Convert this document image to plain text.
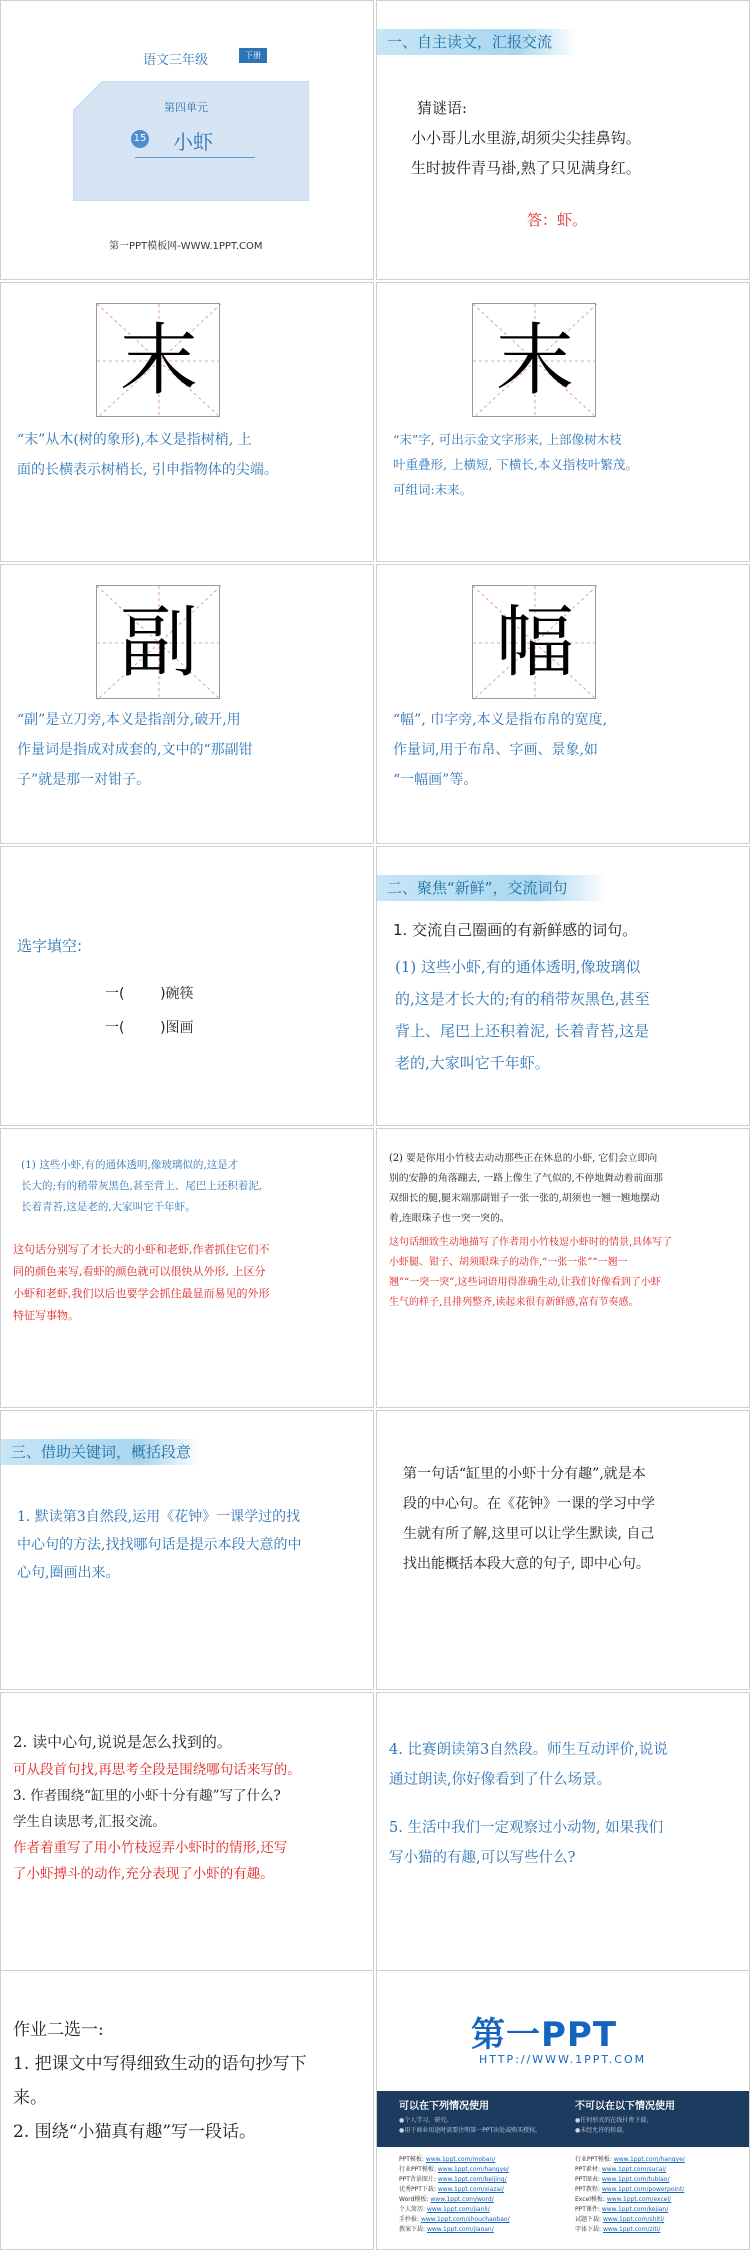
语文三年级	下册
第四单元
15 小虾
第一PPT模板网-WWW.1PPT.COM
一、自主读文，汇报交流
猜谜语:
小小哥儿水里游,胡须尖尖挂鼻钩。
生时披件青马褂,熟了只见满身红。
答：虾。
末
“末”从木(树的象形),本义是指树梢, 上
面的长横表示树梢长, 引申指物体的尖端。
末
“末”字, 可出示金文字形来, 上部像树木枝
叶重叠形, 上横短, 下横长,本义指枝叶繁茂。
可组词:末来。
副
“副”是立刀旁,本义是指剖分,破开,用
作量词是指成对成套的,文中的“那副钳
子”就是那一对钳子。
幅
“幅”, 巾字旁,本义是指布帛的宽度,
作量词,用于布帛、字画、景象,如
“一幅画”等。
选字填空:
一(        )碗筷
一(        )图画
二、聚焦“新鲜”，交流词句
1. 交流自己圈画的有新鲜感的词句。
(1) 这些小虾,有的通体透明,像玻璃似
的,这是才长大的;有的稍带灰黑色,甚至
背上、尾巴上还积着泥, 长着青苔,这是
老的,大家叫它千年虾。
(1) 这些小虾,有的通体透明,像玻璃似的,这是才
长大的;有的稍带灰黑色,甚至背上、尾巴上还积着泥,
长着青苔,这是老的,大家叫它千年虾。
这句话分别写了才长大的小虾和老虾,作者抓住它们不
同的颜色来写,看虾的颜色就可以很快从外形, 上区分
小虾和老虾,我们以后也要学会抓住最显而易见的外形
特征写事物。
(2) 要是你用小竹枝去动动那些正在休息的小虾, 它们会立即向
别的安静的角落蹦去, 一路上像生了气似的,不停地舞动着前面那
双细长的腿,腿末端那副钳子一张一张的,胡须也一翘一翘地摆动
着,连眼珠子也一突一突的。
这句话细致生动地描写了作者用小竹枝逗小虾时的情景,具体写了
小虾腿、钳子、胡须眼珠子的动作,“一张一张”“一翘一
翘”“一突一突”,这些词语用得准确生动,让我们好像看到了小虾
生气的样子,且排列整齐,读起来很有新鲜感,富有节奏感。
三、借助关键词，概括段意
1. 默读第3自然段,运用《花钟》一课学过的找
中心句的方法,找找哪句话是提示本段大意的中
心句,圈画出来。
第一句话“缸里的小虾十分有趣”,就是本
段的中心句。在《花钟》一课的学习中学
生就有所了解,这里可以让学生默读, 自己
找出能概括本段大意的句子, 即中心句。
2. 读中心句,说说是怎么找到的。
可从段首句找,再思考全段是围绕哪句话来写的。
3. 作者围绕“缸里的小虾十分有趣”写了什么?
学生自读思考,汇报交流。
作者着重写了用小竹枝逗弄小虾时的情形,还写
了小虾搏斗的动作,充分表现了小虾的有趣。
4. 比赛朗读第3自然段。师生互动评价,说说
通过朗读,你好像看到了什么场景。
5. 生活中我们一定观察过小动物, 如果我们
写小猫的有趣,可以写些什么?
作业二选一:
1. 把课文中写得细致生动的语句抄写下
来。
2. 围绕“小猫真有趣”写一段话。
第一PPT
HTTP://WWW.1PPT.COM
可以在下列情况使用
●个人学习、研究。
●用于商业用途时需要注明第一PPT出处或购买授权。
不可以在以下情况使用
●任何形式的在线付费下载。
●未经允许的转载。
PPT模板: www.1ppt.com/moban/
行业PPT模板: www.1ppt.com/hangye/
PPT背景图片: www.1ppt.com/beijing/
优秀PPT下载: www.1ppt.com/xiazai/
Word模板: www.1ppt.com/word/
个人简历: www.1ppt.com/jianli/
手抄报: www.1ppt.com/shouchaobao/
教案下载: www.1ppt.com/jiaoan/
行业PPT模板: www.1ppt.com/hangye/
PPT素材: www.1ppt.com/sucai/
PPT图表: www.1ppt.com/tubiao/
PPT教程: www.1ppt.com/powerpoint/
Excel模板: www.1ppt.com/excel/
PPT课件: www.1ppt.com/kejian/
试题下载: www.1ppt.com/shiti/
字体下载: www.1ppt.com/ziti/
